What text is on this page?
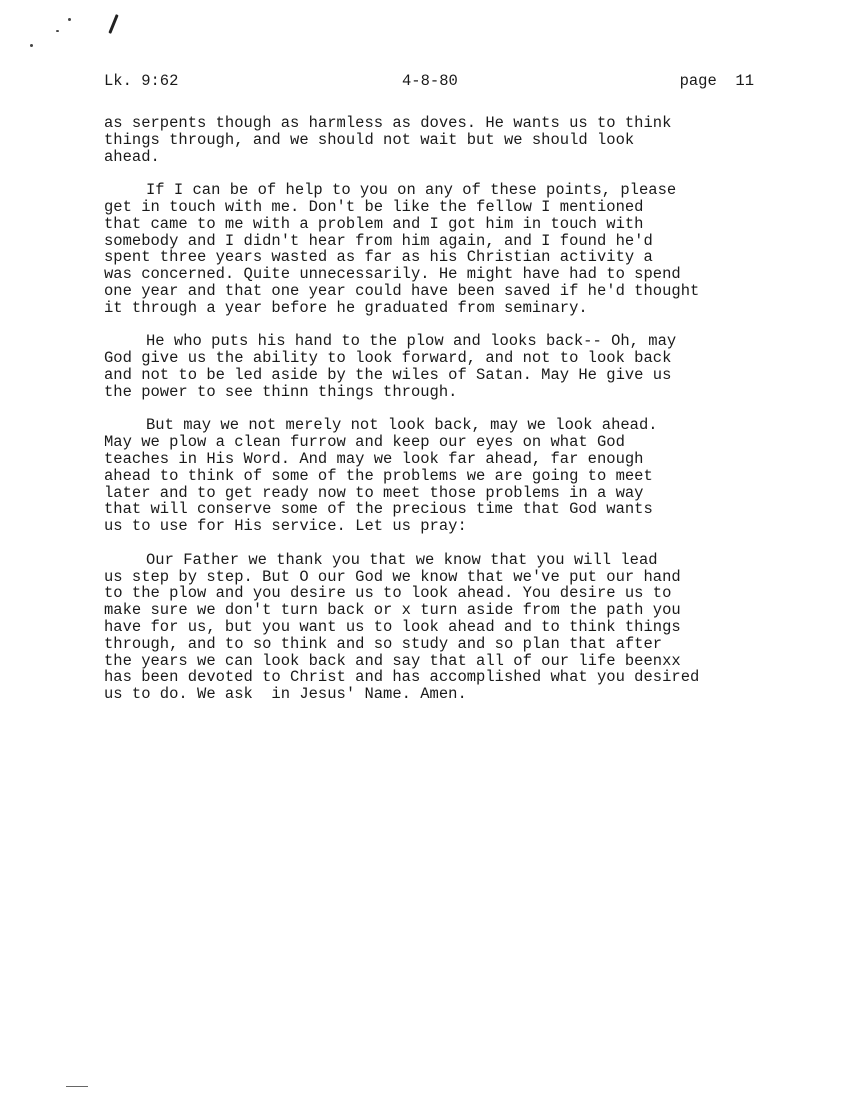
Lk. 9:62	4-8-80	page  11
as serpents though as harmless as doves. He wants us to think
things through, and we should not wait but we should look
ahead.
If I can be of help to you on any of these points, please
get in touch with me. Don't be like the fellow I mentioned
that came to me with a problem and I got him in touch with
somebody and I didn't hear from him again, and I found he'd
spent three years wasted as far as his Christian activity a
was concerned. Quite unnecessarily. He might have had to spend
one year and that one year could have been saved if he'd thought
it through a year before he graduated from seminary.
He who puts his hand to the plow and looks back-- Oh, may
God give us the ability to look forward, and not to look back
and not to be led aside by the wiles of Satan. May He give us
the power to see thinn things through.
But may we not merely not look back, may we look ahead.
May we plow a clean furrow and keep our eyes on what God
teaches in His Word. And may we look far ahead, far enough
ahead to think of some of the problems we are going to meet
later and to get ready now to meet those problems in a way
that will conserve some of the precious time that God wants
us to use for His service. Let us pray:
Our Father we thank you that we know that you will lead
us step by step. But O our God we know that we've put our hand
to the plow and you desire us to look ahead. You desire us to
make sure we don't turn back or x turn aside from the path you
have for us, but you want us to look ahead and to think things
through, and to so think and so study and so plan that after
the years we can look back and say that all of our life beenxx
has been devoted to Christ and has accomplished what you desired
us to do. We ask  in Jesus' Name. Amen.
